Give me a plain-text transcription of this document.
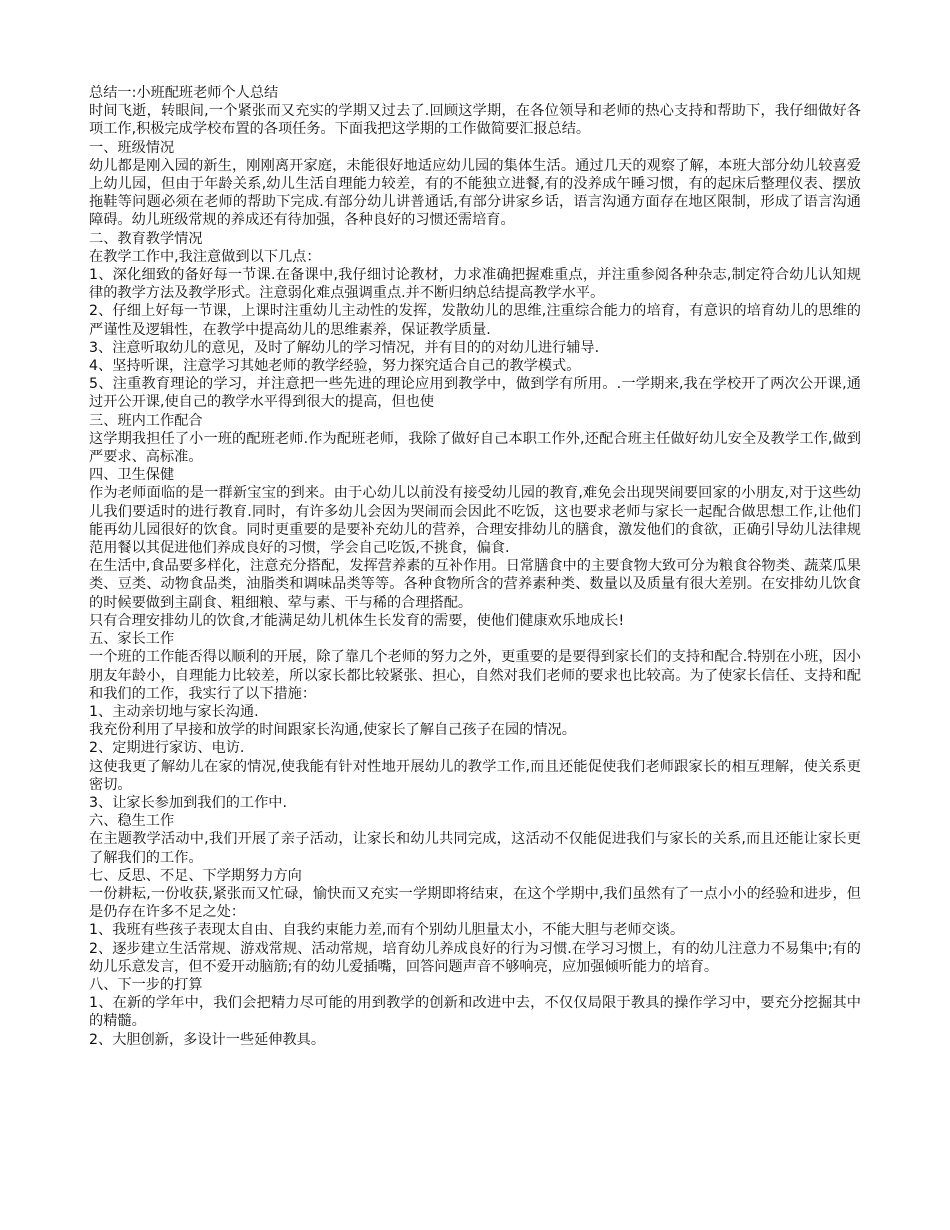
总结一:小班配班老师个人总结

时间飞逝，转眼间,一个紧张而又充实的学期又过去了.回顾这学期，在各位领导和老师的热心支持和帮助下，我仔细做好各项工作,积极完成学校布置的各项任务。下面我把这学期的工作做简要汇报总结。

一、班级情况

幼儿都是刚入园的新生，刚刚离开家庭，未能很好地适应幼儿园的集体生活。通过几天的观察了解，本班大部分幼儿较喜爱上幼儿园，但由于年龄关系,幼儿生活自理能力较差，有的不能独立进餐,有的没养成午睡习惯，有的起床后整理仪表、摆放拖鞋等问题必须在老师的帮助下完成.有部分幼儿讲普通话,有部分讲家乡话，语言沟通方面存在地区限制，形成了语言沟通障碍。幼儿班级常规的养成还有待加强，各种良好的习惯还需培育。

二、教育教学情况

在教学工作中,我注意做到以下几点：

1、深化细致的备好每一节课.在备课中,我仔细讨论教材，力求准确把握难重点，并注重参阅各种杂志,制定符合幼儿认知规律的教学方法及教学形式。注意弱化难点强调重点.并不断归纳总结提高教学水平。

2、仔细上好每一节课，上课时注重幼儿主动性的发挥，发散幼儿的思维,注重综合能力的培育，有意识的培育幼儿的思维的严谨性及逻辑性，在教学中提高幼儿的思维素养，保证教学质量.

3、注意听取幼儿的意见，及时了解幼儿的学习情况，并有目的的对幼儿进行辅导.

4、坚持听课，注意学习其她老师的教学经验，努力探究适合自己的教学模式。

5、注重教育理论的学习，并注意把一些先进的理论应用到教学中，做到学有所用。.一学期来,我在学校开了两次公开课,通过开公开课,使自己的教学水平得到很大的提高，但也使

三、班内工作配合

这学期我担任了小一班的配班老师.作为配班老师，我除了做好自己本职工作外,还配合班主任做好幼儿安全及教学工作,做到严要求、高标准。

四、卫生保健

作为老师面临的是一群新宝宝的到来。由于心幼儿以前没有接受幼儿园的教育,难免会出现哭闹要回家的小朋友,对于这些幼儿我们要适时的进行教育.同时，有许多幼儿会因为哭闹而会因此不吃饭，这也要求老师与家长一起配合做思想工作,让他们能再幼儿园很好的饮食。同时更重要的是要补充幼儿的营养，合理安排幼儿的膳食，激发他们的食欲，正确引导幼儿法律规范用餐以其促进他们养成良好的习惯，学会自己吃饭,不挑食，偏食.

在生活中,食品要多样化，注意充分搭配，发挥营养素的互补作用。日常膳食中的主要食物大致可分为粮食谷物类、蔬菜瓜果类、豆类、动物食品类，油脂类和调味品类等等。各种食物所含的营养素种类、数量以及质量有很大差别。在安排幼儿饮食的时候要做到主副食、粗细粮、荤与素、干与稀的合理搭配。

只有合理安排幼儿的饮食,才能满足幼儿机体生长发育的需要，使他们健康欢乐地成长!

五、家长工作

一个班的工作能否得以顺利的开展，除了靠几个老师的努力之外，更重要的是要得到家长们的支持和配合.特别在小班，因小朋友年龄小，自理能力比较差，所以家长都比较紧张、担心，自然对我们老师的要求也比较高。为了使家长信任、支持和配和我们的工作，我实行了以下措施：

1、主动亲切地与家长沟通.

我充份利用了早接和放学的时间跟家长沟通,使家长了解自己孩子在园的情况。

2、定期进行家访、电访.

这使我更了解幼儿在家的情况,使我能有针对性地开展幼儿的教学工作,而且还能促使我们老师跟家长的相互理解，使关系更密切。

3、让家长参加到我们的工作中.

六、稳生工作

在主题教学活动中,我们开展了亲子活动，让家长和幼儿共同完成，这活动不仅能促进我们与家长的关系,而且还能让家长更了解我们的工作。

七、反思、不足、下学期努力方向

一份耕耘,一份收获,紧张而又忙碌，愉快而又充实一学期即将结束，在这个学期中,我们虽然有了一点小小的经验和进步，但是仍存在许多不足之处：

1、我班有些孩子表现太自由、自我约束能力差,而有个别幼儿胆量太小，不能大胆与老师交谈。

2、逐步建立生活常规、游戏常规、活动常规，培育幼儿养成良好的行为习惯.在学习习惯上，有的幼儿注意力不易集中;有的幼儿乐意发言，但不爱开动脑筋;有的幼儿爱插嘴，回答问题声音不够响亮，应加强倾听能力的培育。

八、下一步的打算

1、在新的学年中，我们会把精力尽可能的用到教学的创新和改进中去，不仅仅局限于教具的操作学习中，要充分挖掘其中的精髓。

2、大胆创新，多设计一些延伸教具。
